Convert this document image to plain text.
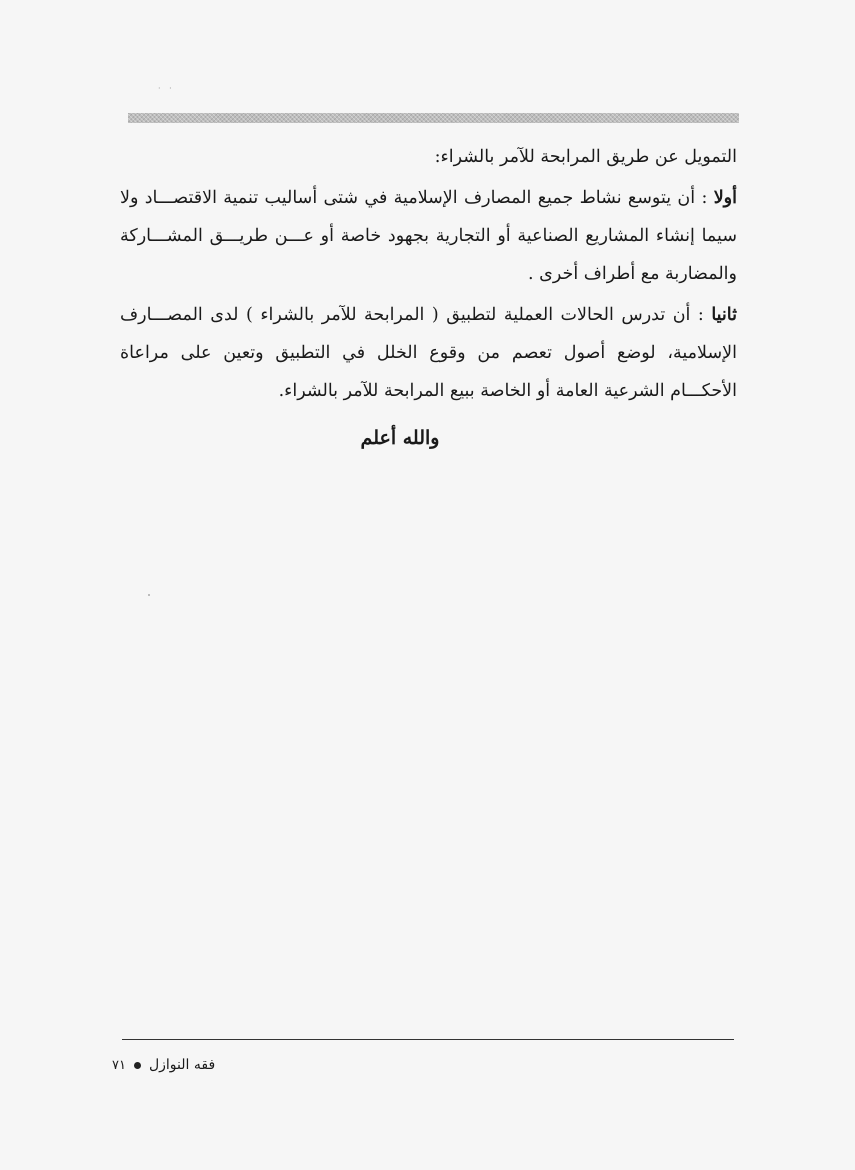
· ·

التمويل عن طريق المرابحة للآمر بالشراء:

أولا : أن يتوسع نشاط جميع المصارف الإسلامية في شتى أساليب تنمية الاقتصـــاد ولا سيما إنشاء المشاريع الصناعية أو التجارية بجهود خاصة أو عـــن طريـــق المشـــاركة والمضاربة مع أطراف أخرى .

ثانيا : أن تدرس الحالات العملية لتطبيق ( المرابحة للآمر بالشراء ) لدى المصـــارف الإسلامية، لوضع أصول تعصم من وقوع الخلل في التطبيق وتعين على مراعاة الأحكـــام الشرعية العامة أو الخاصة ببيع المرابحة للآمر بالشراء.

والله أعلم
فقه النوازل
٧١
